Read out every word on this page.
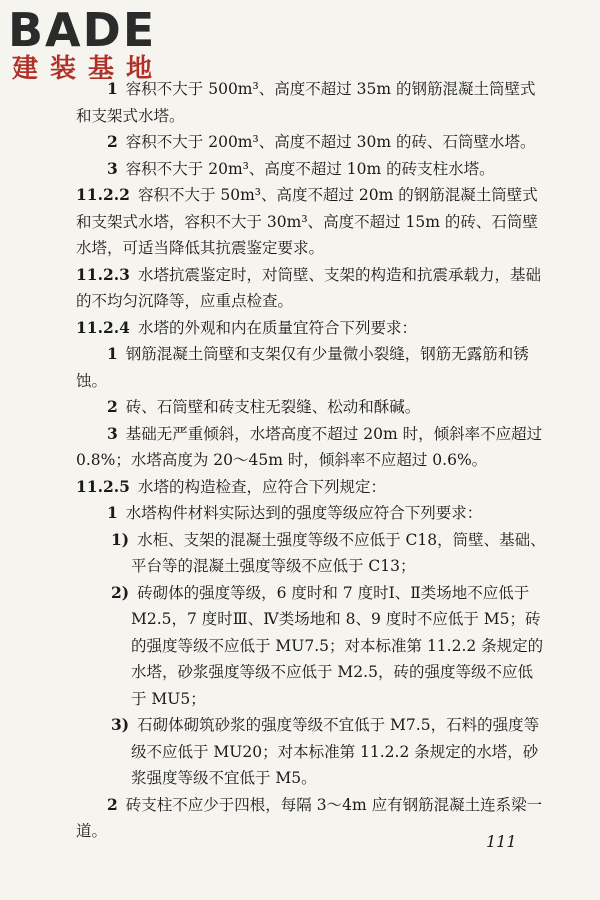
BADE
建装基地

1 容积不大于 500m³、高度不超过 35m 的钢筋混凝土筒壁式和支架式水塔。

2 容积不大于 200m³、高度不超过 30m 的砖、石筒壁水塔。

3 容积不大于 20m³、高度不超过 10m 的砖支柱水塔。

11.2.2 容积不大于 50m³、高度不超过 20m 的钢筋混凝土筒壁式和支架式水塔，容积不大于 30m³、高度不超过 15m 的砖、石筒壁水塔，可适当降低其抗震鉴定要求。

11.2.3 水塔抗震鉴定时，对筒壁、支架的构造和抗震承载力，基础的不均匀沉降等，应重点检查。

11.2.4 水塔的外观和内在质量宜符合下列要求：

1 钢筋混凝土筒壁和支架仅有少量微小裂缝，钢筋无露筋和锈蚀。

2 砖、石筒壁和砖支柱无裂缝、松动和酥碱。

3 基础无严重倾斜，水塔高度不超过 20m 时，倾斜率不应超过 0.8%；水塔高度为 20～45m 时，倾斜率不应超过 0.6%。

11.2.5 水塔的构造检查，应符合下列规定：

1 水塔构件材料实际达到的强度等级应符合下列要求：

1) 水柜、支架的混凝土强度等级不应低于 C18，筒壁、基础、平台等的混凝土强度等级不应低于 C13；

2) 砖砌体的强度等级，6 度时和 7 度时Ⅰ、Ⅱ类场地不应低于 M2.5，7 度时Ⅲ、Ⅳ类场地和 8、9 度时不应低于 M5；砖的强度等级不应低于 MU7.5；对本标准第 11.2.2 条规定的水塔，砂浆强度等级不应低于 M2.5，砖的强度等级不应低于 MU5；

3) 石砌体砌筑砂浆的强度等级不宜低于 M7.5，石料的强度等级不应低于 MU20；对本标准第 11.2.2 条规定的水塔，砂浆强度等级不宜低于 M5。

2 砖支柱不应少于四根，每隔 3～4m 应有钢筋混凝土连系梁一道。

111
